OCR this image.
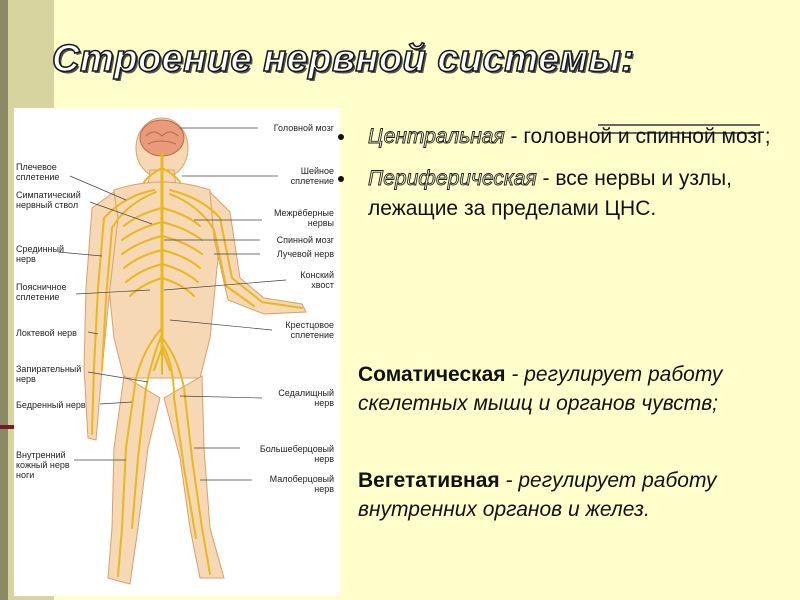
Строение нервной системы:
Плечевое
сплетение
Симпатический
нервный ствол
Срединный
нерв
Поясничное
сплетение
Локтевой нерв
Запирательный
нерв
Бедренный нерв
Внутренний
кожный нерв
ноги
Головной мозг
Шейное
сплетение
Межрёберные
нервы
Спинной мозг
Лучевой нерв
Конский
хвост
Крестцовое
сплетение
Седалищный
нерв
Большеберцовый
нерв
Малоберцовый
нерв
Центральная - головной и спинной мозг;
Периферическая - все нервы и узлы, лежащие за пределами ЦНС.
Соматическая - регулирует работу скелетных мышц и органов чувств;
Вегетативная - регулирует работу внутренних органов и желез.
